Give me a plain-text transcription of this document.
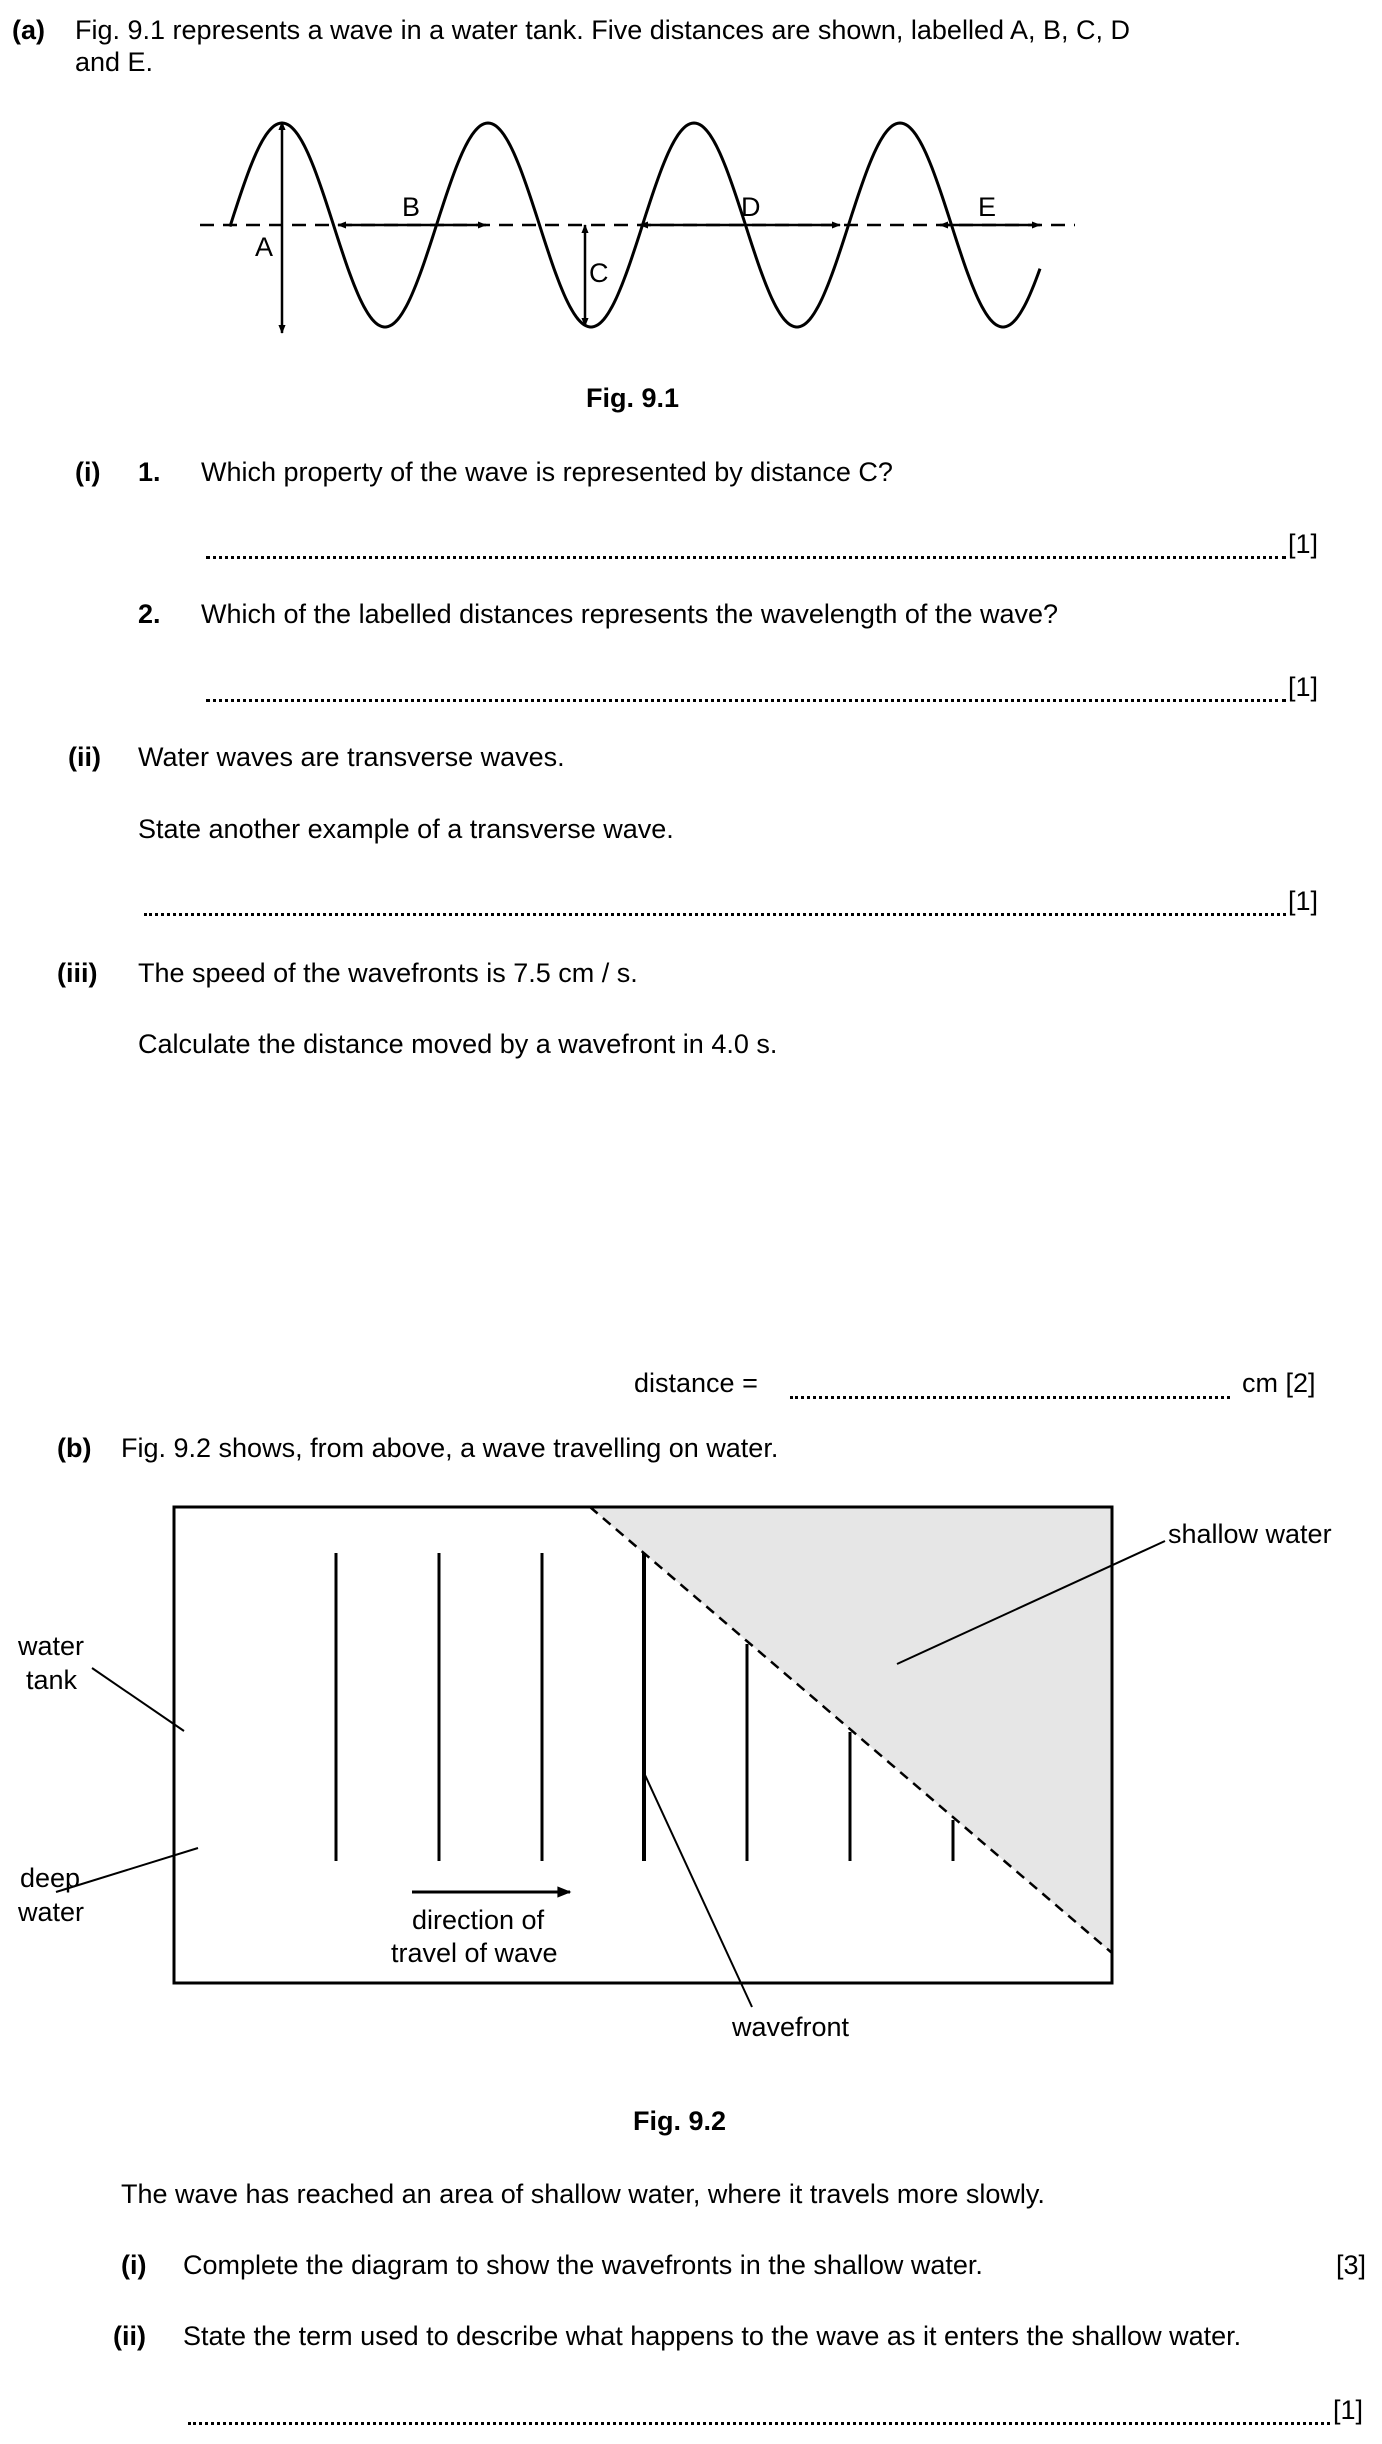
(a) Fig. 9.1 represents a wave in a water tank. Five distances are shown, labelled A, B, C, D
and E.
A
B
C
D	E
Fig. 9.1
(i) 1. Which property of the wave is represented by distance C?
[1]
2. Which of the labelled distances represents the wavelength of the wave?
[1]
(ii) Water waves are transverse waves.
State another example of a transverse wave.
[1]
(iii) The speed of the wavefronts is 7.5 cm / s.
Calculate the distance moved by a wavefront in 4.0 s.
distance =	cm [2]
(b) Fig. 9.2 shows, from above, a wave travelling on water.
shallow water
water
tank
deep
water	direction of
travel of wave
wavefront
Fig. 9.2
The wave has reached an area of shallow water, where it travels more slowly.
(i) Complete the diagram to show the wavefronts in the shallow water.	[3]
(ii) State the term used to describe what happens to the wave as it enters the shallow water.
[1]
